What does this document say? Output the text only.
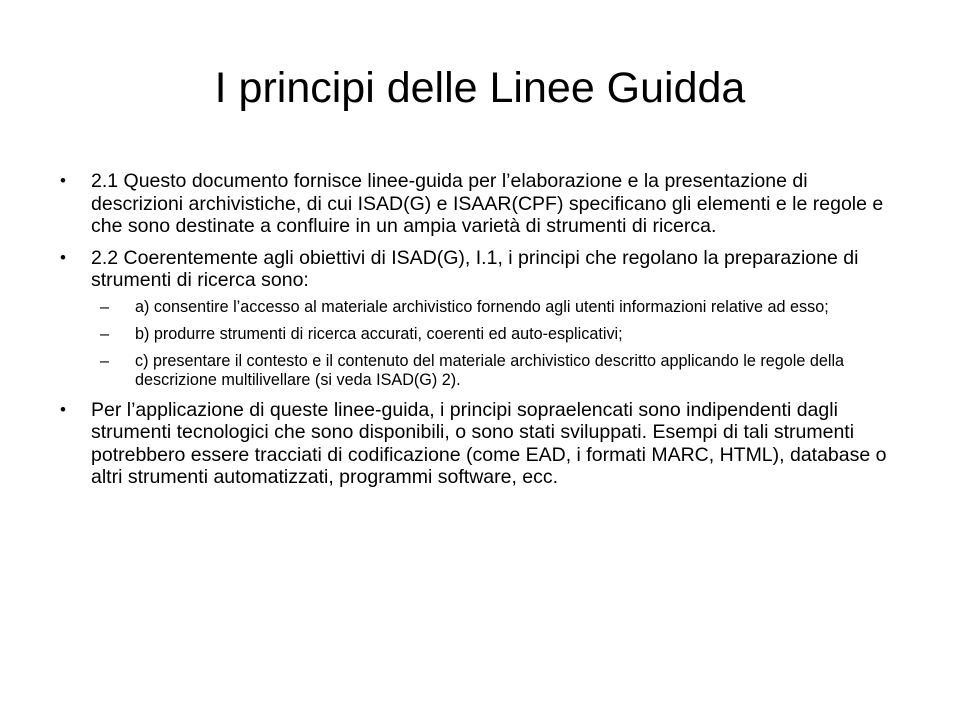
I principi delle Linee Guidda
• 2.1 Questo documento fornisce linee-guida per l’elaborazione e la presentazione di descrizioni archivistiche, di cui ISAD(G) e ISAAR(CPF) specificano gli elementi e le regole e che sono destinate a confluire in un ampia varietà di strumenti di ricerca.
• 2.2 Coerentemente agli obiettivi di ISAD(G), I.1, i principi che regolano la preparazione di strumenti di ricerca sono:
– a) consentire l’accesso al materiale archivistico fornendo agli utenti informazioni relative ad esso;
– b) produrre strumenti di ricerca accurati, coerenti ed auto-esplicativi;
– c) presentare il contesto e il contenuto del materiale archivistico descritto applicando le regole della descrizione multilivellare (si veda ISAD(G) 2).
• Per l’applicazione di queste linee-guida, i principi sopraelencati sono indipendenti dagli strumenti tecnologici che sono disponibili, o sono stati sviluppati. Esempi di tali strumenti potrebbero essere tracciati di codificazione (come EAD, i formati MARC, HTML), database o altri strumenti automatizzati, programmi software, ecc.
